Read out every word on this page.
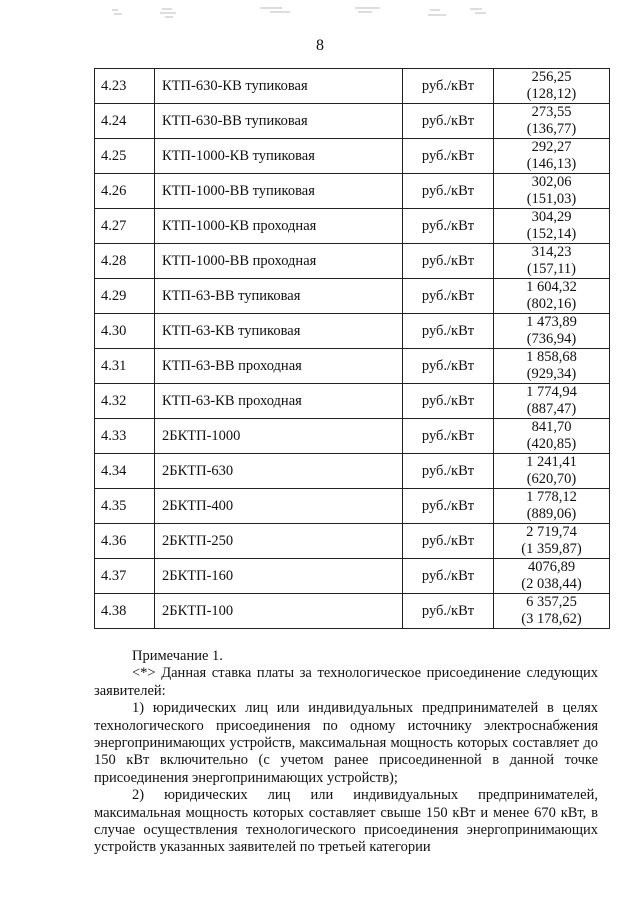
8
4.23	КТП-630-КВ тупиковая	руб./кВт	256,25
(128,12)

4.24	КТП-630-ВВ тупиковая	руб./кВт	273,55
(136,77)

4.25	КТП-1000-КВ тупиковая	руб./кВт	292,27
(146,13)

4.26	КТП-1000-ВВ тупиковая	руб./кВт	302,06
(151,03)

4.27	КТП-1000-КВ проходная	руб./кВт	304,29
(152,14)

4.28	КТП-1000-ВВ проходная	руб./кВт	314,23
(157,11)

4.29	КТП-63-ВВ тупиковая	руб./кВт	1 604,32
(802,16)

4.30	КТП-63-КВ тупиковая	руб./кВт	1 473,89
(736,94)

4.31	КТП-63-ВВ проходная	руб./кВт	1 858,68
(929,34)

4.32	КТП-63-КВ проходная	руб./кВт	1 774,94
(887,47)

4.33	2БКТП-1000	руб./кВт	841,70
(420,85)

4.34	2БКТП-630	руб./кВт	1 241,41
(620,70)

4.35	2БКТП-400	руб./кВт	1 778,12
(889,06)

4.36	2БКТП-250	руб./кВт	2 719,74
(1 359,87)

4.37	2БКТП-160	руб./кВт	4076,89
(2 038,44)

4.38	2БКТП-100	руб./кВт	6 357,25
(3 178,62)

Примечание 1.

<*> Данная ставка платы за технологическое присоединение следующих заявителей:

1) юридических лиц или индивидуальных предпринимателей в целях технологического присоединения по одному источнику электроснабжения энергопринимающих устройств, максимальная мощность которых составляет до 150 кВт включительно (с учетом ранее присоединенной в данной точке присоединения энергопринимающих устройств);

2) юридических лиц или индивидуальных предпринимателей, максимальная мощность которых составляет свыше 150 кВт и менее 670 кВт, в случае осуществления технологического присоединения энергопринимающих устройств указанных заявителей по третьей категории
